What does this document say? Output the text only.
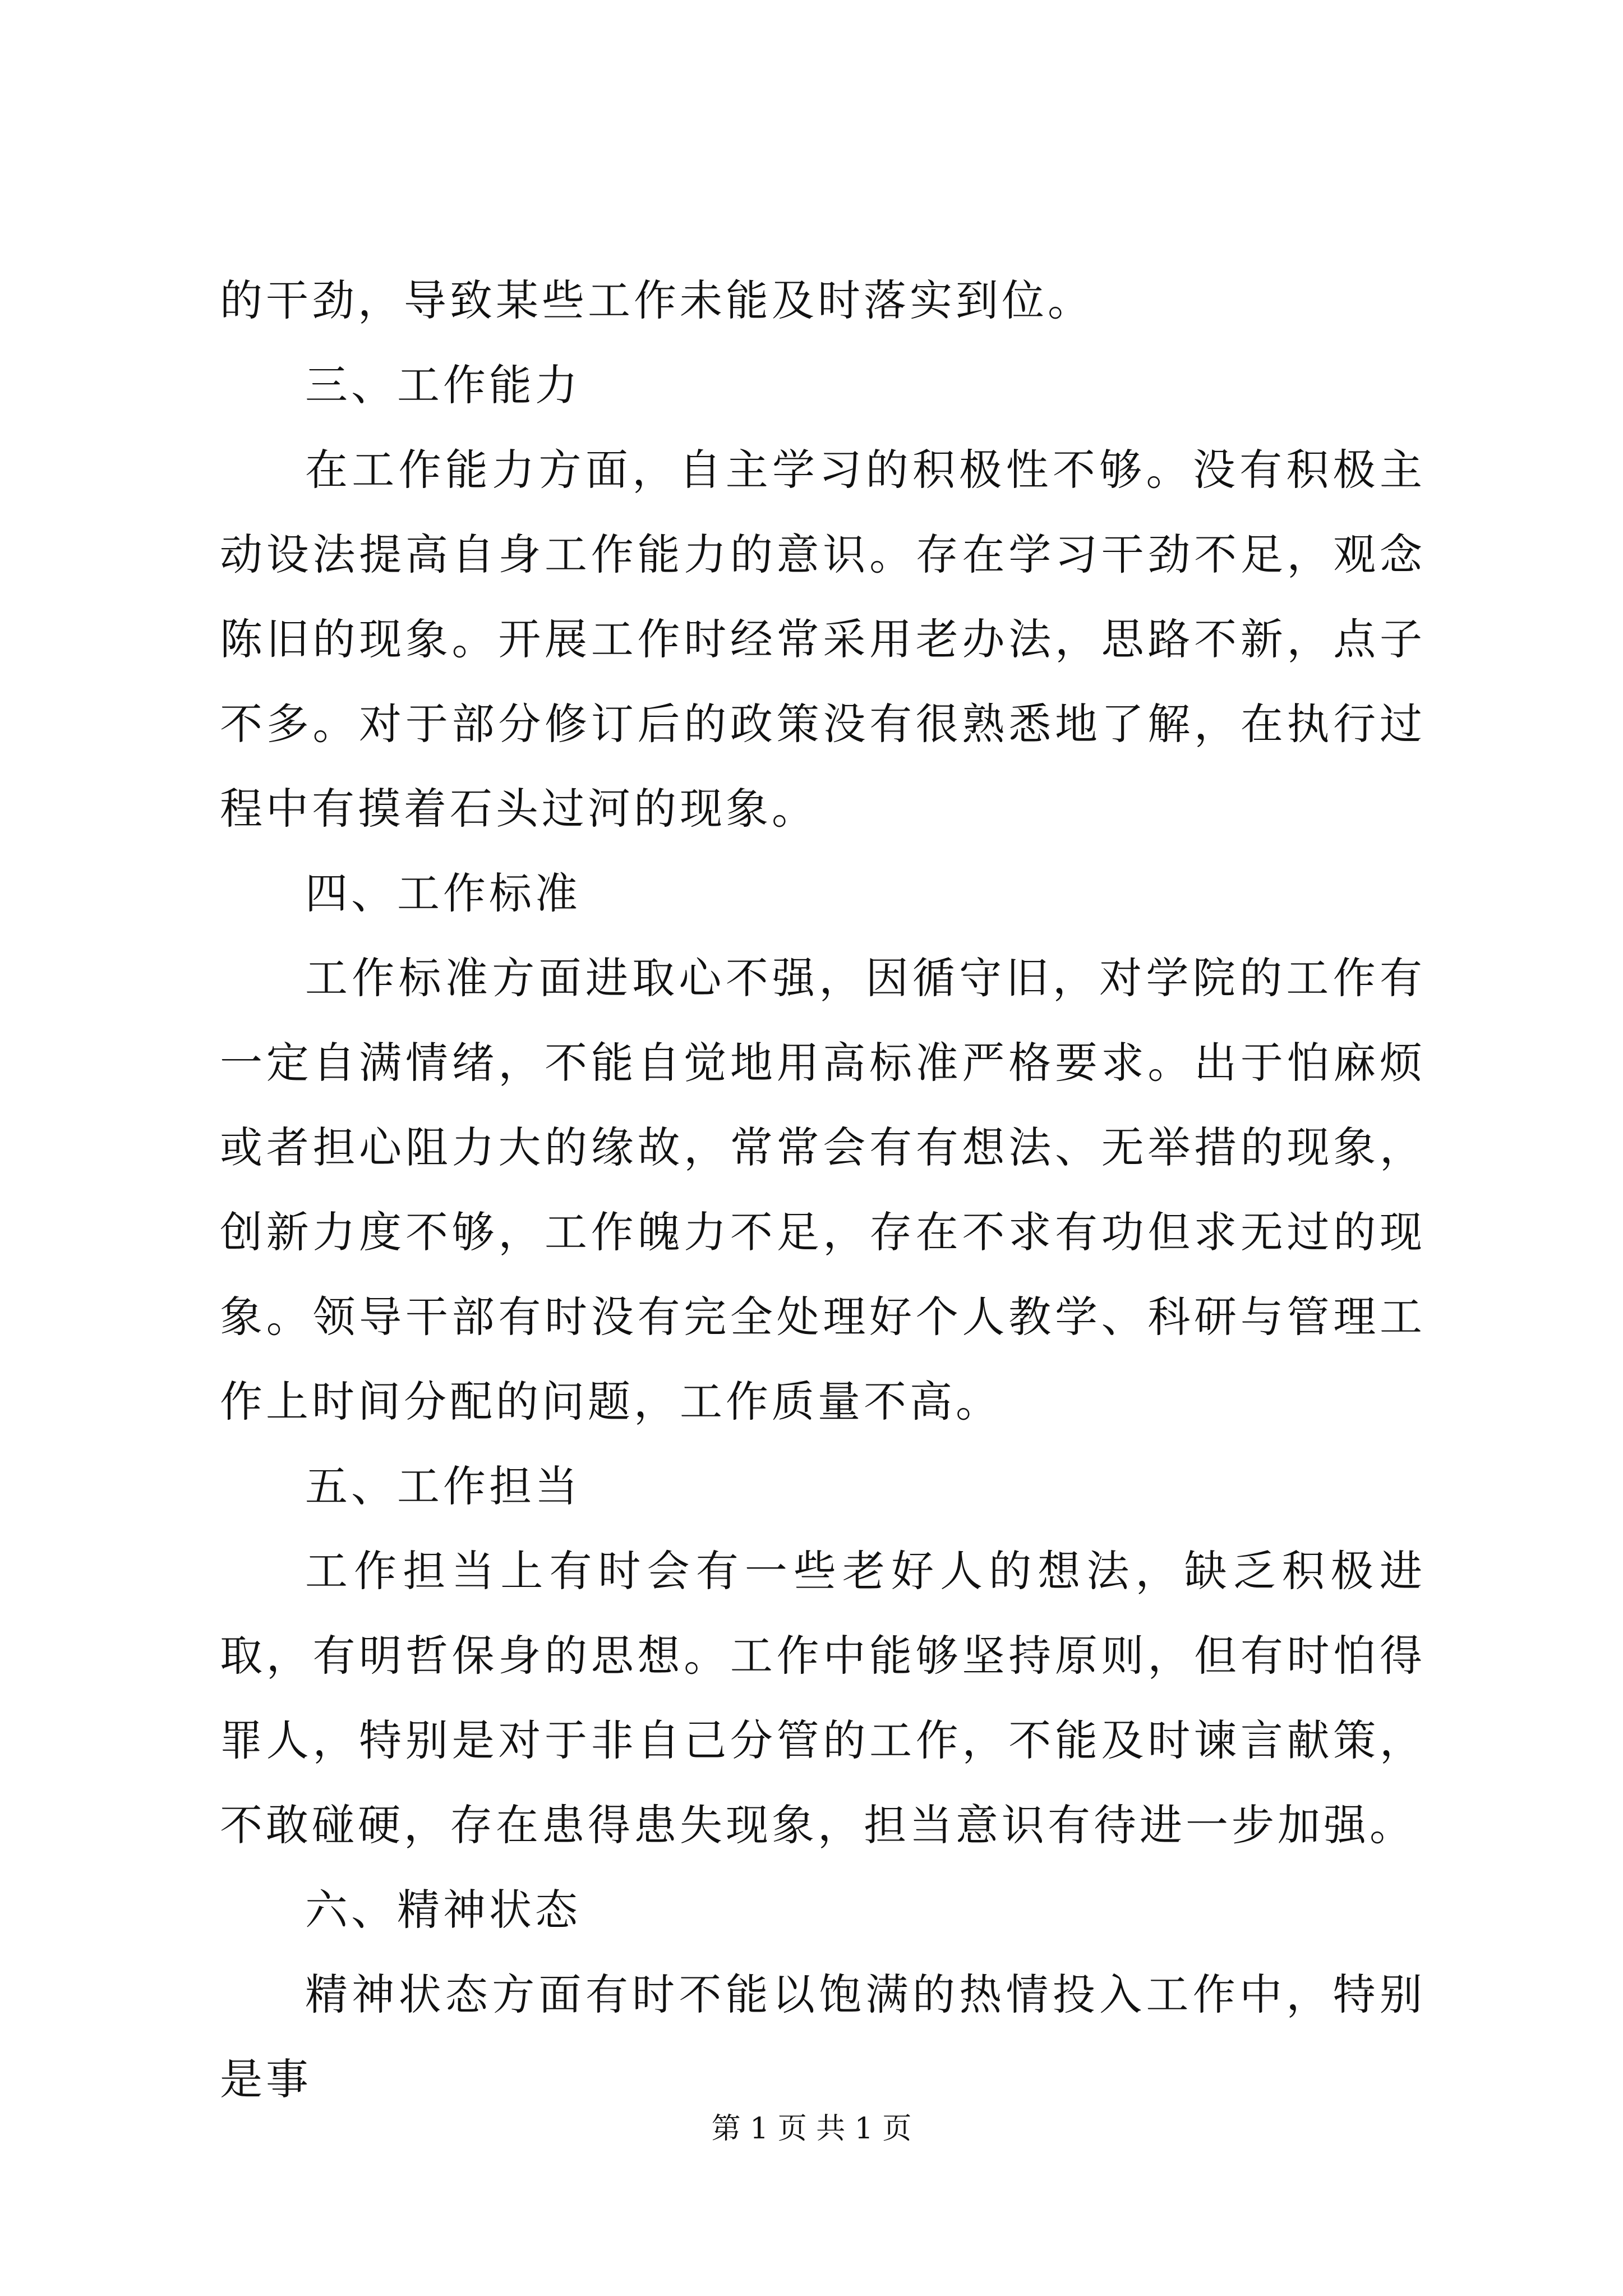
的干劲，导致某些工作未能及时落实到位。

三、工作能力

在工作能力方面，自主学习的积极性不够。没有积极主动设法提高自身工作能力的意识。存在学习干劲不足，观念陈旧的现象。开展工作时经常采用老办法，思路不新，点子不多。对于部分修订后的政策没有很熟悉地了解，在执行过程中有摸着石头过河的现象。

四、工作标准

工作标准方面进取心不强，因循守旧，对学院的工作有一定自满情绪，不能自觉地用高标准严格要求。出于怕麻烦或者担心阻力大的缘故，常常会有有想法、无举措的现象，创新力度不够，工作魄力不足，存在不求有功但求无过的现象。领导干部有时没有完全处理好个人教学、科研与管理工作上时间分配的问题，工作质量不高。

五、工作担当

工作担当上有时会有一些老好人的想法，缺乏积极进取，有明哲保身的思想。工作中能够坚持原则，但有时怕得罪人，特别是对于非自己分管的工作，不能及时谏言献策，不敢碰硬，存在患得患失现象，担当意识有待进一步加强。

六、精神状态

精神状态方面有时不能以饱满的热情投入工作中，特别是事

第 1 页 共 1 页
